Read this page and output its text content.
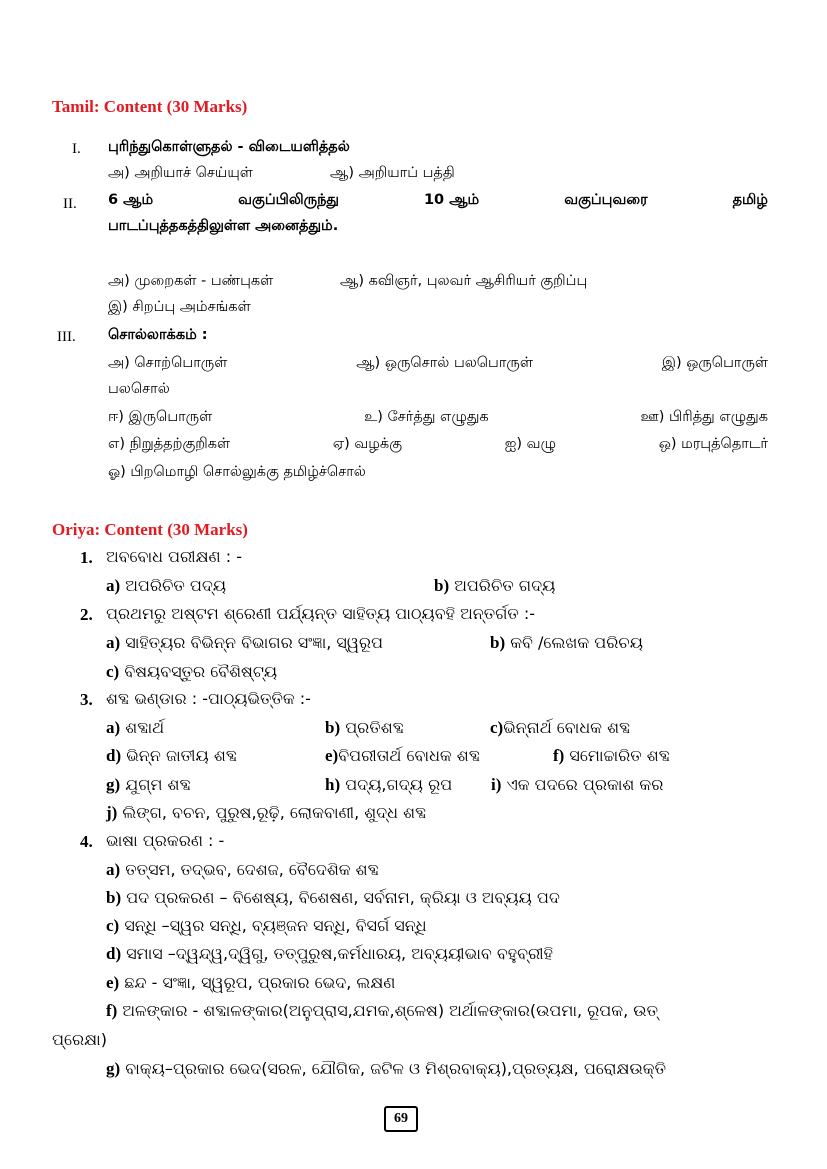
Tamil: Content (30 Marks)
I. புரிந்துகொள்ளுதல் - விடையளித்தல்
அ) அறியாச் செய்யுள்	ஆ) அறியாப் பத்தி
II. 6 ஆம்	வகுப்பிலிருந்து	10 ஆம்	வகுப்புவரை	தமிழ்
பாடப்புத்தகத்திலுள்ள அனைத்தும்.
அ) முறைகள் - பண்புகள்	ஆ) கவிஞர், புலவர் ஆசிரியர் குறிப்பு
இ) சிறப்பு அம்சங்கள்
III. சொல்லாக்கம் :
அ) சொற்பொருள்	ஆ) ஒருசொல் பலபொருள்	இ) ஒருபொருள்
பலசொல்
ஈ) இருபொருள்	உ) சேர்த்து எழுதுக	ஊ) பிரித்து எழுதுக
எ) நிறுத்தற்குறிகள்	ஏ) வழக்கு	ஐ) வழு	ஒ) மரபுத்தொடர்
ஓ) பிறமொழி சொல்லுக்கு தமிழ்ச்சொல்
Oriya: Content (30 Marks)
1. ଅବବୋଧ ପରୀକ୍ଷଣ : -
a) ଅପରିଚିତ ପଦ୍ୟ	b) ଅପରିଚିତ ଗଦ୍ୟ
2. ପ୍ରଥମରୁ ଅଷ୍ଟମ ଶ୍ରେଣୀ ପର୍ଯ୍ୟନ୍ତ ସାହିତ୍ୟ ପାଠ୍ୟବହି ଅନ୍ତର୍ଗତ :-
a) ସାହିତ୍ୟର ବିଭିନ୍ନ ବିଭାଗର ସଂଜ୍ଞା, ସ୍ୱରୂପ	b) କବି /ଲେଖକ ପରିଚୟ
c) ବିଷୟବସ୍ତୁର ବୈଶିଷ୍ଟ୍ୟ
3. ଶବ୍ଦ ଭଣ୍ଡାର : -ପାଠ୍ୟଭିତ୍ତିକ :-
a) ଶବ୍ଦାର୍ଥ	b) ପ୍ରତିଶବ୍ଦ	c)ଭିନ୍ନାର୍ଥ ବୋଧକ ଶବ୍ଦ
d) ଭିନ୍ନ ଜାତୀୟ ଶବ୍ଦ	e)ବିପରୀତାର୍ଥ ବୋଧକ ଶବ୍ଦ	f) ସମୋଚ୍ଚାରିତ ଶବ୍ଦ
g) ଯୁଗ୍ମ ଶବ୍ଦ	h) ପଦ୍ୟ,ଗଦ୍ୟ ରୂପ i) ଏକ ପଦରେ ପ୍ରକାଶ କର
j) ଲିଙ୍ଗ, ବଚନ, ପୁରୁଷ,ରୂଢ଼ି, ଲୋକବାଣୀ, ଶୁଦ୍ଧ ଶବ୍ଦ
4. ଭାଷା ପ୍ରକରଣ : -
a) ତତ୍ସମ, ତଦ୍ଭବ, ଦେଶଜ, ବୈଦେଶିକ ଶବ୍ଦ
b) ପଦ ପ୍ରକରଣ – ବିଶେଷ୍ୟ, ବିଶେଷଣ, ସର୍ବନାମ, କ୍ରିୟା ଓ ଅବ୍ୟୟ ପଦ
c) ସନ୍ଧି –ସ୍ୱର ସନ୍ଧି, ବ୍ୟଞ୍ଜନ ସନ୍ଧି, ବିସର୍ଗ ସନ୍ଧି
d) ସମାସ –ଦ୍ୱନ୍ଦ୍ୱ,ଦ୍ୱିଗୁ, ତତ୍ପୁରୁଷ,କର୍ମଧାରୟ, ଅବ୍ୟୟୀଭାବ ବହୁବ୍ରୀହି
e) ଛନ୍ଦ - ସଂଜ୍ଞା, ସ୍ୱରୂପ, ପ୍ରକାର ଭେଦ, ଲକ୍ଷଣ
f) ଅଳଙ୍କାର - ଶବ୍ଦାଳଙ୍କାର(ଅନୁପ୍ରାସ,ଯମକ,ଶ୍ଳେଷ) ଅର୍ଥାଳଙ୍କାର(ଉପମା, ରୂପକ, ଉତ୍
ପ୍ରେକ୍ଷା)
g) ବାକ୍ୟ–ପ୍ରକାର ଭେଦ(ସରଳ, ଯୌଗିକ, ଜଟିଳ ଓ ମିଶ୍ରବାକ୍ୟ),ପ୍ରତ୍ୟକ୍ଷ, ପରୋକ୍ଷଉକ୍ତି
69
